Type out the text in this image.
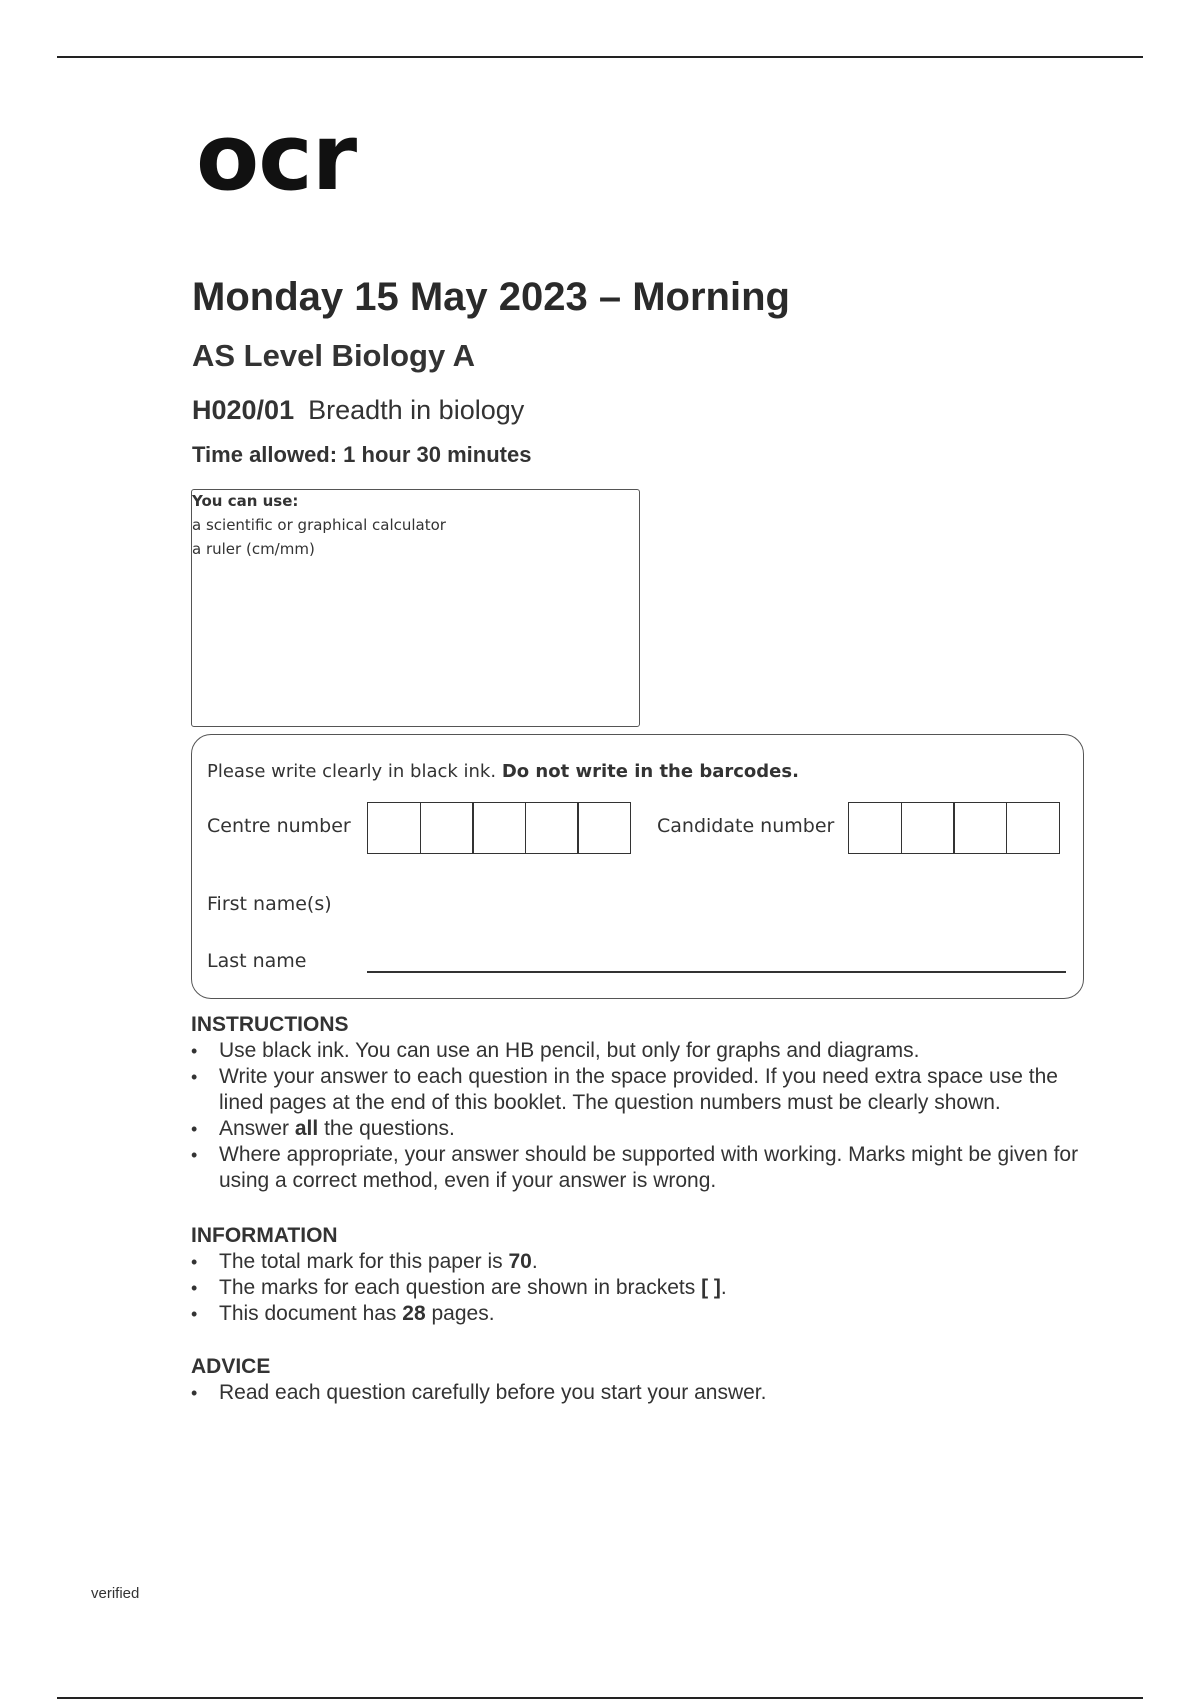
ocr
Monday 15 May 2023 – Morning
AS Level Biology A
H020/01 Breadth in biology
Time allowed: 1 hour 30 minutes
You can use:
a scientific or graphical calculator
a ruler (cm/mm)
Please write clearly in black ink. Do not write in the barcodes.
Centre number	Candidate number
First name(s)
Last name
INSTRUCTIONS
• Use black ink. You can use an HB pencil, but only for graphs and diagrams.
• Write your answer to each question in the space provided. If you need extra space use the lined pages at the end of this booklet. The question numbers must be clearly shown.
• Answer all the questions.
• Where appropriate, your answer should be supported with working. Marks might be given for using a correct method, even if your answer is wrong.
INFORMATION
• The total mark for this paper is 70.
• The marks for each question are shown in brackets [ ].
• This document has 28 pages.
ADVICE
• Read each question carefully before you start your answer.
verified
